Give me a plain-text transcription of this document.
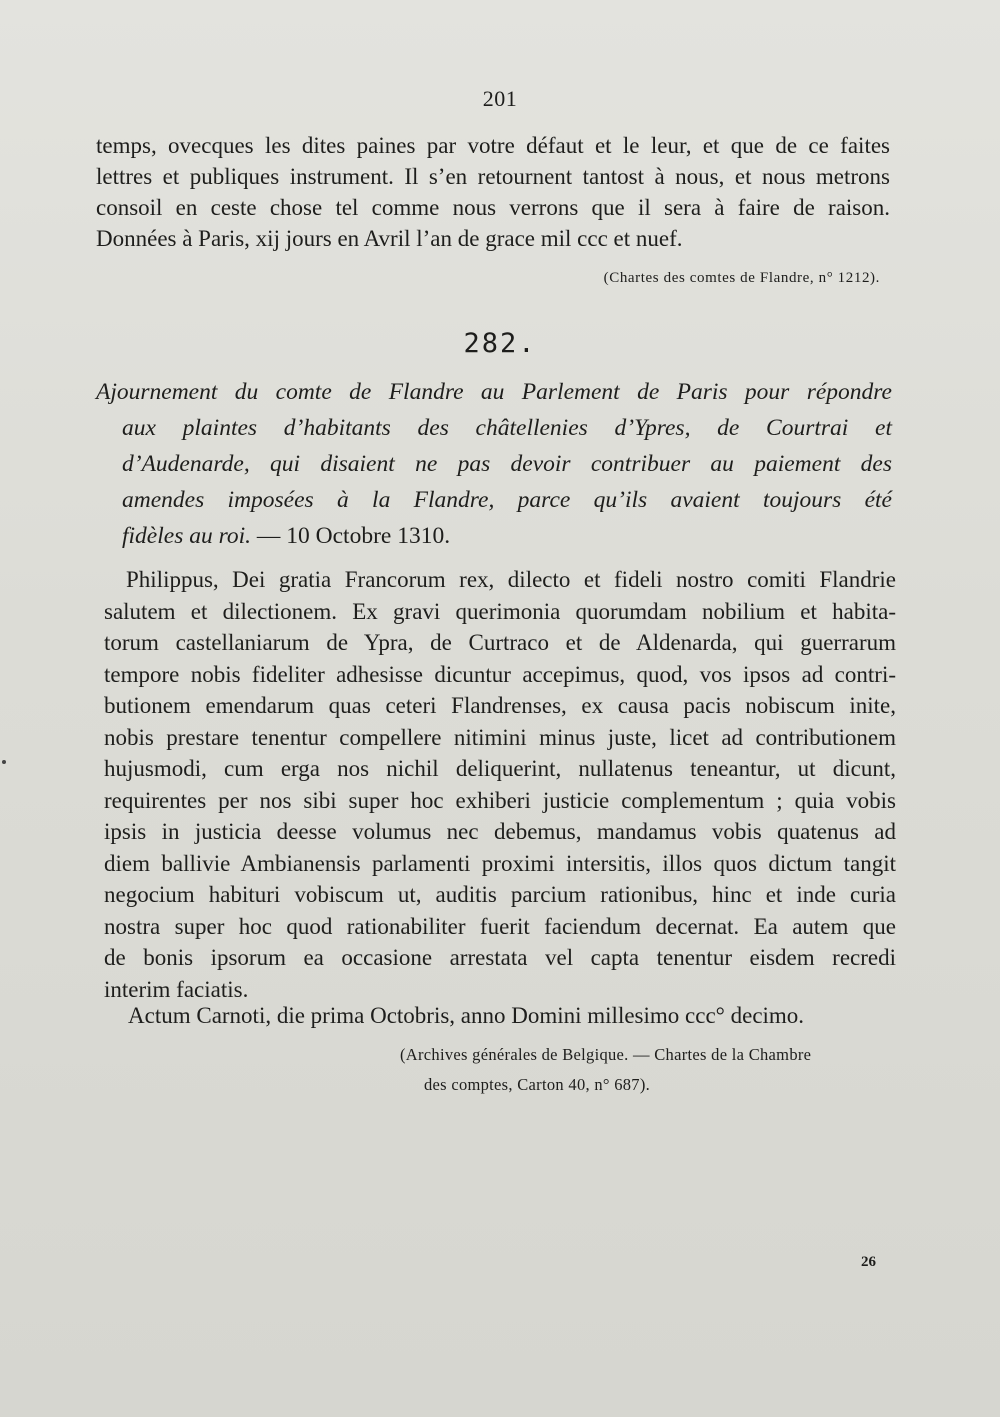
201
temps, ovecques les dites paines par votre défaut et le leur, et que de ce faites
lettres et publiques instrument. Il s’en retournent tantost à nous, et nous metrons
consoil en ceste chose tel comme nous verrons que il sera à faire de raison.
Données à Paris, xij jours en Avril l’an de grace mil ccc et nuef.
(Chartes des comtes de Flandre, n° 1212).
282.
Ajournement du comte de Flandre au Parlement de Paris pour répondre
aux plaintes d’habitants des châtellenies d’Ypres, de Courtrai et
d’Audenarde, qui disaient ne pas devoir contribuer au paiement des
amendes imposées à la Flandre, parce qu’ils avaient toujours été
fidèles au roi. — 10 Octobre 1310.
Philippus, Dei gratia Francorum rex, dilecto et fideli nostro comiti Flandrie
salutem et dilectionem. Ex gravi querimonia quorumdam nobilium et habita-
torum castellaniarum de Ypra, de Curtraco et de Aldenarda, qui guerrarum
tempore nobis fideliter adhesisse dicuntur accepimus, quod, vos ipsos ad contri-
butionem emendarum quas ceteri Flandrenses, ex causa pacis nobiscum inite,
nobis prestare tenentur compellere nitimini minus juste, licet ad contributionem
hujusmodi, cum erga nos nichil deliquerint, nullatenus teneantur, ut dicunt,
requirentes per nos sibi super hoc exhiberi justicie complementum ; quia vobis
ipsis in justicia deesse volumus nec debemus, mandamus vobis quatenus ad
diem ballivie Ambianensis parlamenti proximi intersitis, illos quos dictum tangit
negocium habituri vobiscum ut, auditis parcium rationibus, hinc et inde curia
nostra super hoc quod rationabiliter fuerit faciendum decernat. Ea autem que
de bonis ipsorum ea occasione arrestata vel capta tenentur eisdem recredi
interim faciatis.
Actum Carnoti, die prima Octobris, anno Domini millesimo ccc° decimo.
(Archives générales de Belgique. — Chartes de la Chambre
des comptes, Carton 40, n° 687).
26
